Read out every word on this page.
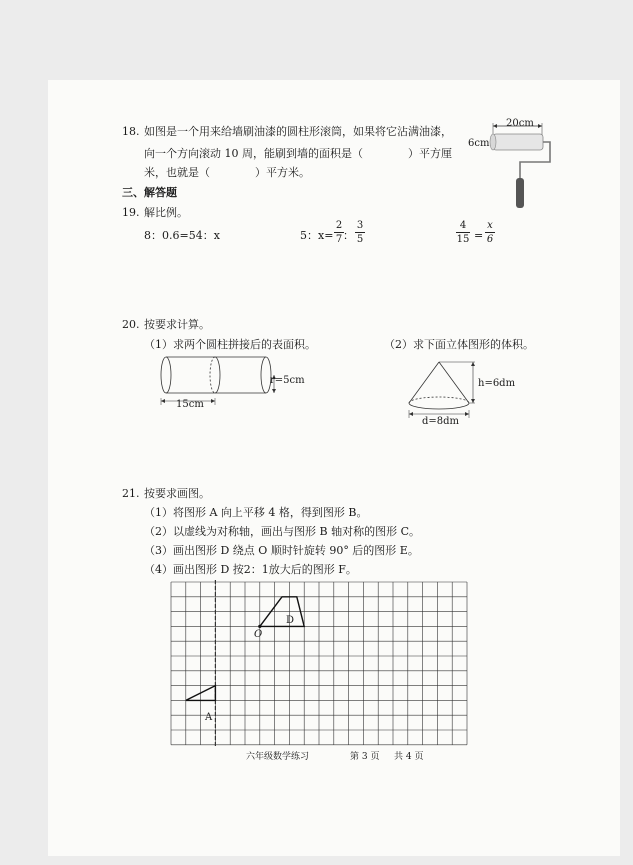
18. 如图是一个用来给墙刷油漆的圆柱形滚筒，如果将它沾满油漆，
向一个方向滚动 10 周，能刷到墙的面积是（	）平方厘
米，也就是（	）平方米。
20cm
6cm
三、解答题
19. 解比例。
8：0.6=54：x	5：x=
2
7 ：
3
5
4
15 =
x
6
20. 按要求计算。
（1）求两个圆柱拼接后的表面积。	（2）求下面立体图形的体积。
r=5cm
15cm
h=6dm
d=8dm
21. 按要求画图。
（1）将图形 A 向上平移 4 格，得到图形 B。
（2）以虚线为对称轴，画出与图形 B 轴对称的图形 C。
（3）画出图形 D 绕点 O 顺时针旋转 90° 后的图形 E。
（4）画出图形 D 按2：1放大后的图形 F。
D
O
A
六年级数学练习	第 3 页 共 4 页
